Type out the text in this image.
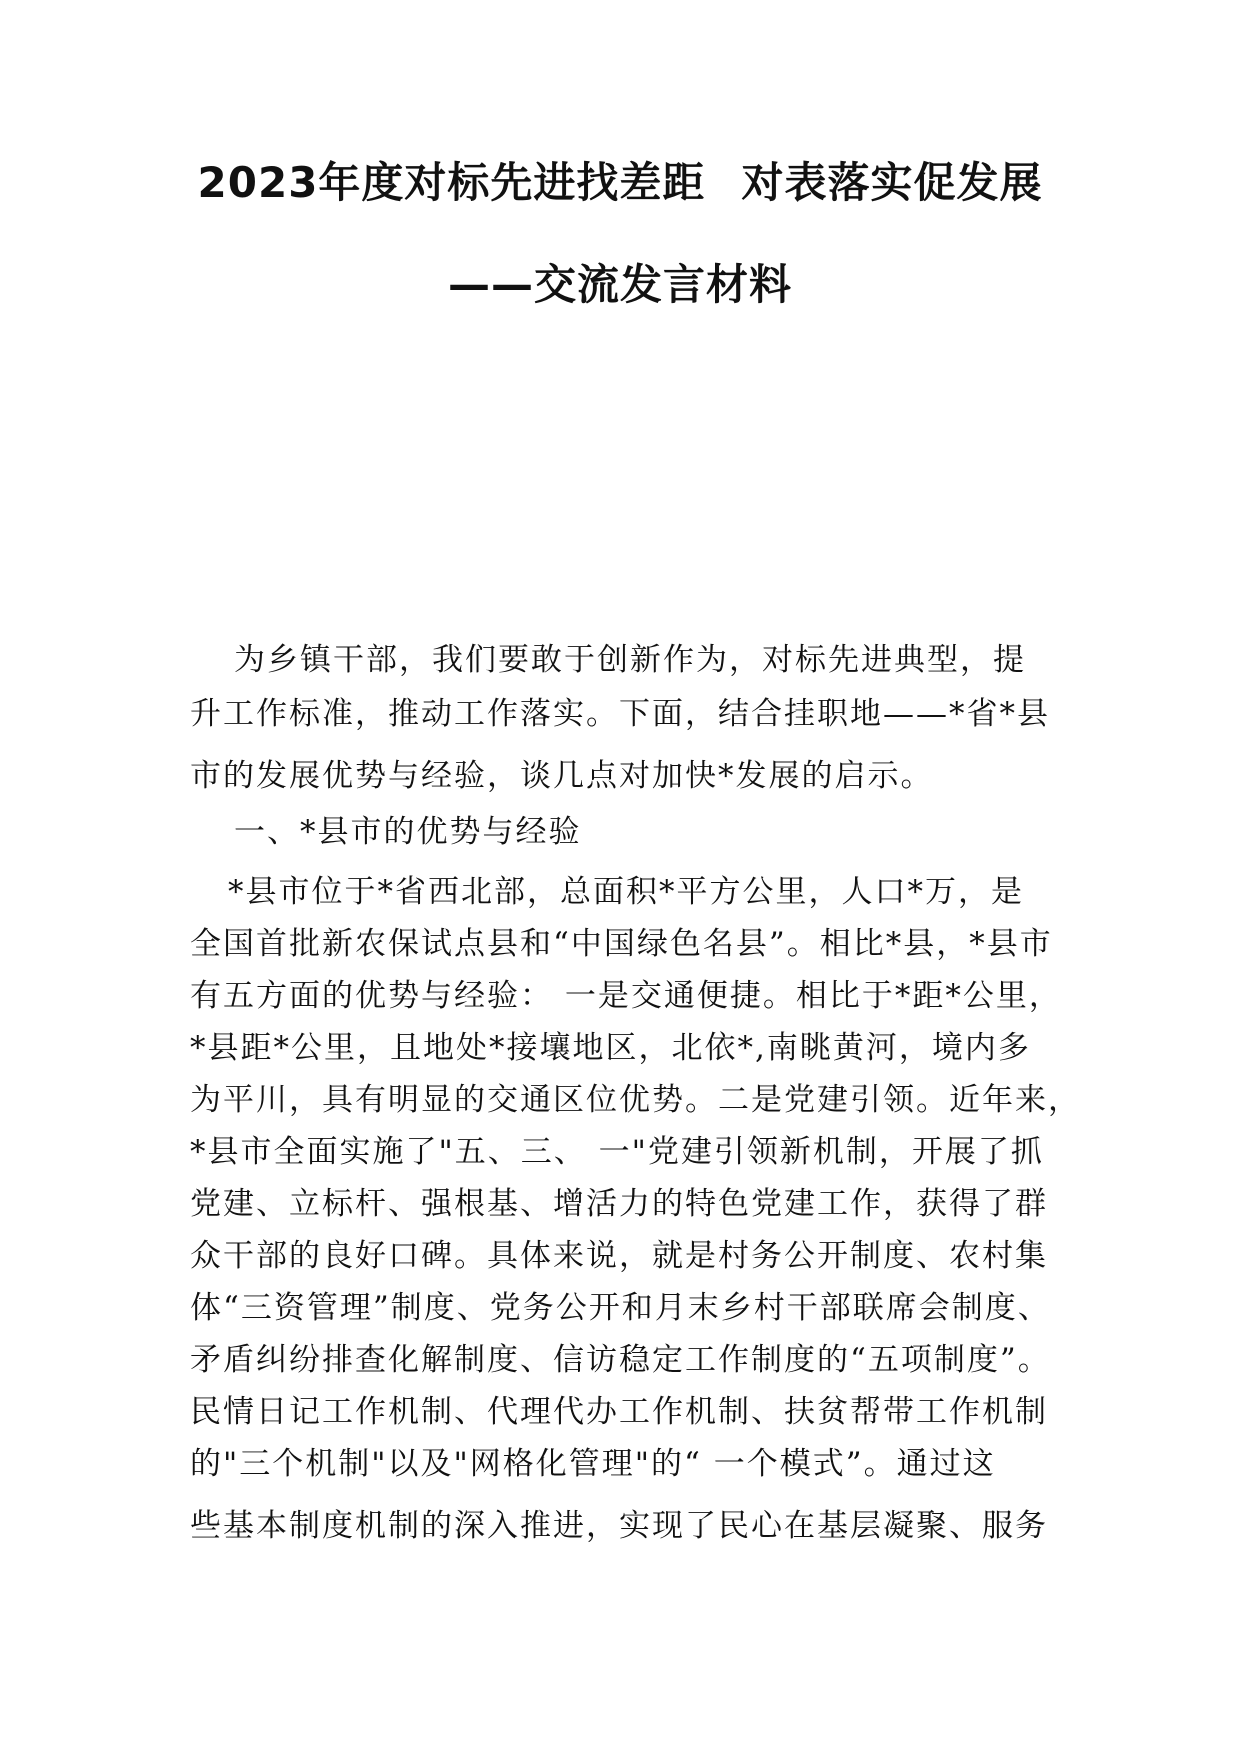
2023年度对标先进找差距 对表落实促发展
——交流发言材料
为乡镇干部，我们要敢于创新作为，对标先进典型，提
升工作标准，推动工作落实。下面，结合挂职地——*省*县
市的发展优势与经验，谈几点对加快*发展的启示。
一、*县市的优势与经验
*县市位于*省西北部，总面积*平方公里，人口*万，是
全国首批新农保试点县和“中国绿色名县”。相比*县，*县市
有五方面的优势与经验： 一是交通便捷。相比于*距*公里，
*县距*公里，且地处*接壤地区，北依*,南眺黄河，境内多
为平川，具有明显的交通区位优势。二是党建引领。近年来，
*县市全面实施了"五、三、 一"党建引领新机制，开展了抓
党建、立标杆、强根基、增活力的特色党建工作，获得了群
众干部的良好口碑。具体来说，就是村务公开制度、农村集
体“三资管理”制度、党务公开和月末乡村干部联席会制度、
矛盾纠纷排查化解制度、信访稳定工作制度的“五项制度”。
民情日记工作机制、代理代办工作机制、扶贫帮带工作机制
的"三个机制"以及"网格化管理"的“ 一个模式”。通过这
些基本制度机制的深入推进，实现了民心在基层凝聚、服务
